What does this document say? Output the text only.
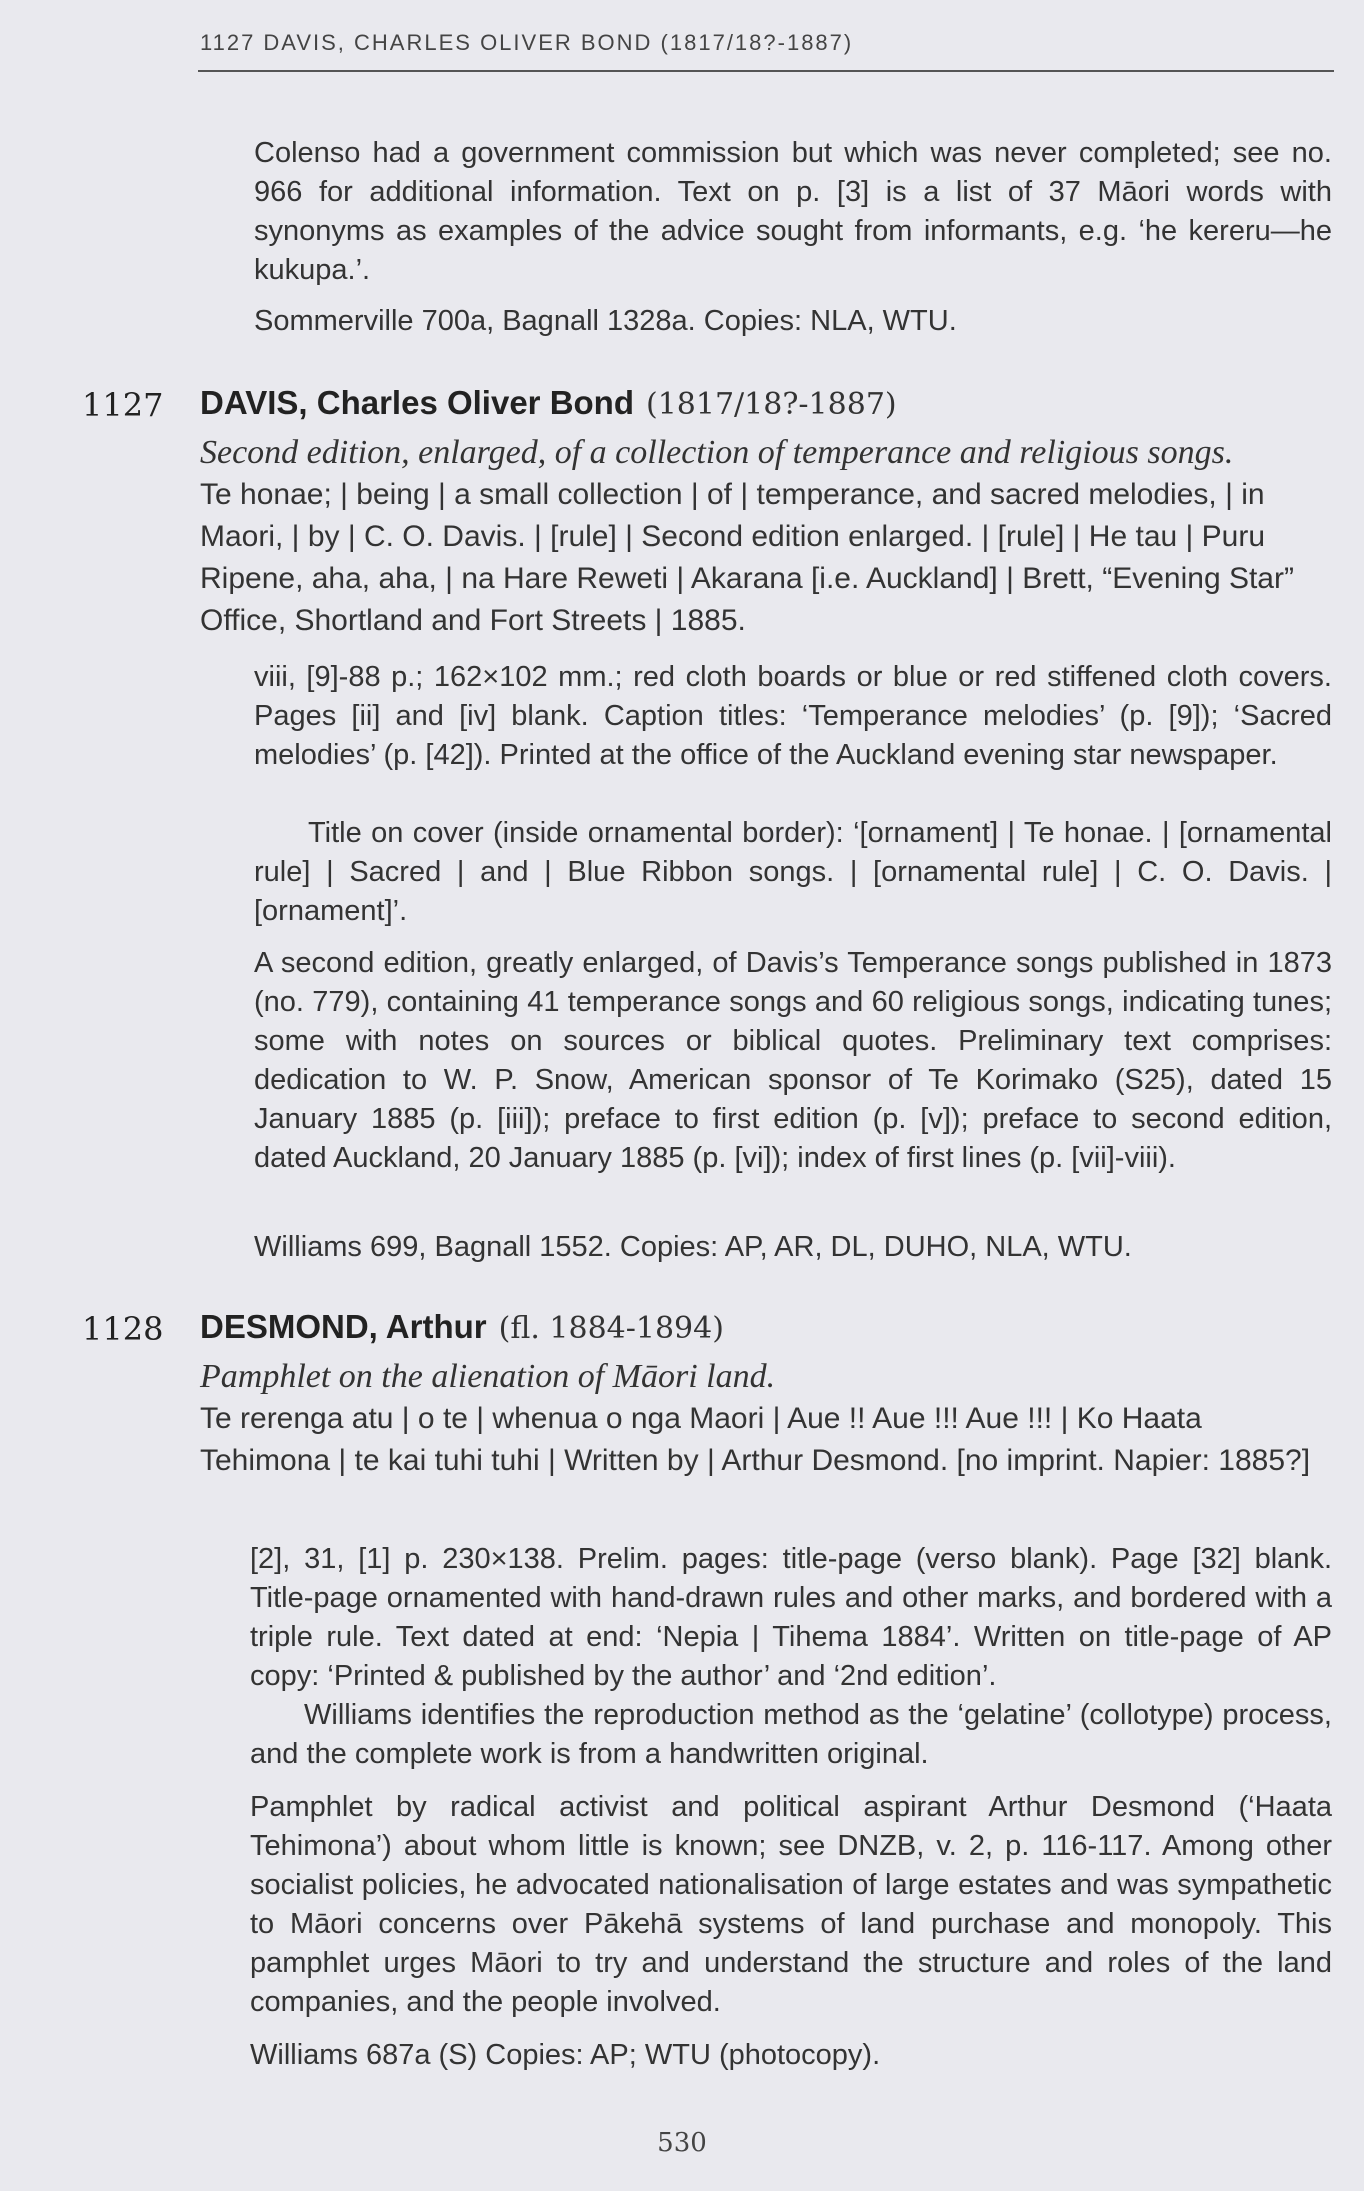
1127 DAVIS, CHARLES OLIVER BOND (1817/18?-1887)
Colenso had a government commission but which was never completed; see no. 966 for additional information. Text on p. [3] is a list of 37 Māori words with synonyms as examples of the advice sought from informants, e.g. ‘he kereru—he kukupa.’.
Sommerville 700a, Bagnall 1328a. Copies: NLA, WTU.
1127 DAVIS, Charles Oliver Bond (1817/18?-1887)
Second edition, enlarged, of a collection of temperance and religious songs.
Te honae; | being | a small collection | of | temperance, and sacred melodies, | in Maori, | by | C. O. Davis. | [rule] | Second edition enlarged. | [rule] | He tau | Puru Ripene, aha, aha, | na Hare Reweti | Akarana [i.e. Auckland] | Brett, “Evening Star” Office, Shortland and Fort Streets | 1885.
viii, [9]-88 p.; 162×102 mm.; red cloth boards or blue or red stiffened cloth covers. Pages [ii] and [iv] blank. Caption titles: ‘Temperance melodies’ (p. [9]); ‘Sacred melodies’ (p. [42]). Printed at the office of the Auckland evening star newspaper.
Title on cover (inside ornamental border): ‘[ornament] | Te honae. | [ornamental rule] | Sacred | and | Blue Ribbon songs. | [ornamental rule] | C. O. Davis. | [ornament]’.
A second edition, greatly enlarged, of Davis’s Temperance songs published in 1873 (no. 779), containing 41 temperance songs and 60 religious songs, indicating tunes; some with notes on sources or biblical quotes. Preliminary text comprises: dedication to W. P. Snow, American sponsor of Te Korimako (S25), dated 15 January 1885 (p. [iii]); preface to first edition (p. [v]); preface to second edition, dated Auckland, 20 January 1885 (p. [vi]); index of first lines (p. [vii]-viii).
Williams 699, Bagnall 1552. Copies: AP, AR, DL, DUHO, NLA, WTU.
1128 DESMOND, Arthur (fl. 1884-1894)
Pamphlet on the alienation of Māori land.
Te rerenga atu | o te | whenua o nga Maori | Aue !! Aue !!! Aue !!! | Ko Haata Tehimona | te kai tuhi tuhi | Written by | Arthur Desmond. [no imprint. Napier: 1885?]
[2], 31, [1] p. 230×138. Prelim. pages: title-page (verso blank). Page [32] blank. Title-page ornamented with hand-drawn rules and other marks, and bordered with a triple rule. Text dated at end: ‘Nepia | Tihema 1884’. Written on title-page of AP copy: ‘Printed & published by the author’ and ‘2nd edition’.
Williams identifies the reproduction method as the ‘gelatine’ (collotype) process, and the complete work is from a handwritten original.
Pamphlet by radical activist and political aspirant Arthur Desmond (‘Haata Tehimona’) about whom little is known; see DNZB, v. 2, p. 116-117. Among other socialist policies, he advocated nationalisation of large estates and was sympathetic to Māori concerns over Pākehā systems of land purchase and monopoly. This pamphlet urges Māori to try and understand the structure and roles of the land companies, and the people involved.
Williams 687a (S) Copies: AP; WTU (photocopy).
530
